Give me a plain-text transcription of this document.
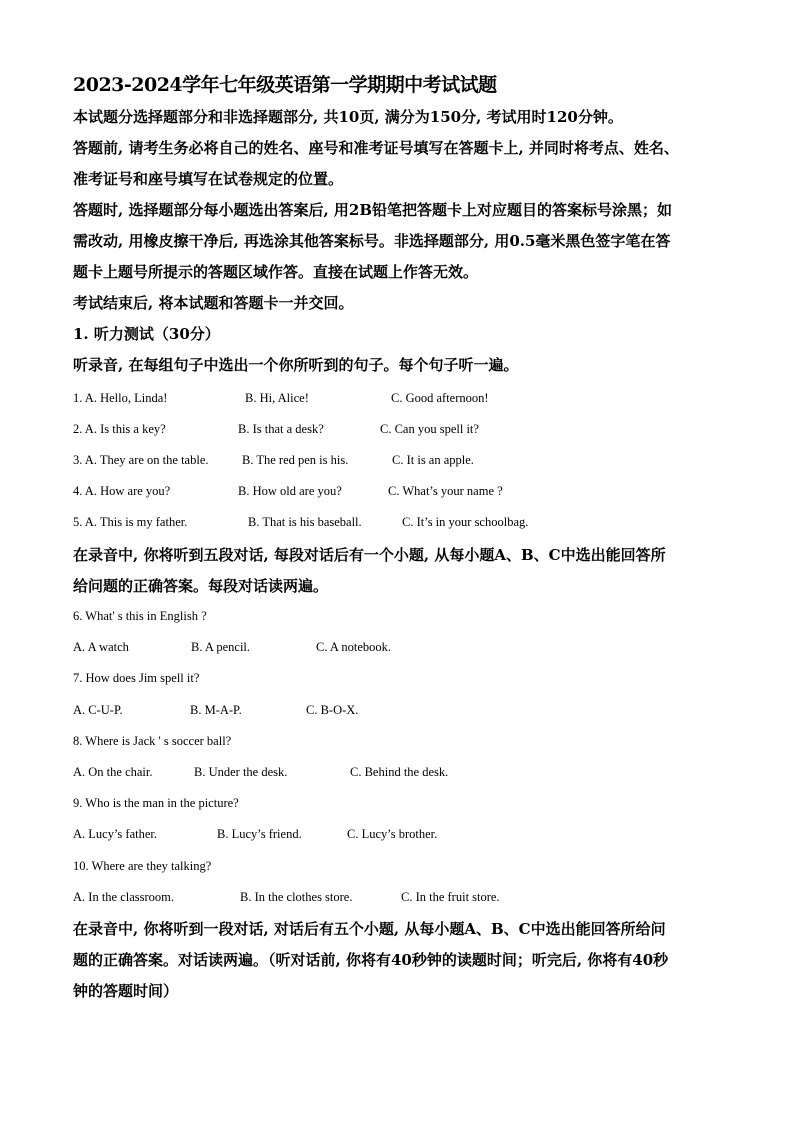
2023-2024学年七年级英语第一学期期中考试试题
本试题分选择题部分和非选择题部分, 共10页, 满分为150分, 考试用时120分钟。
答题前, 请考生务必将自己的姓名、座号和准考证号填写在答题卡上, 并同时将考点、姓名、
准考证号和座号填写在试卷规定的位置。
答题时, 选择题部分每小题选出答案后, 用2B铅笔把答题卡上对应题目的答案标号涂黑；如
需改动, 用橡皮擦干净后, 再选涂其他答案标号。非选择题部分, 用0.5毫米黑色签字笔在答
题卡上题号所提示的答题区域作答。直接在试题上作答无效。
考试结束后, 将本试题和答题卡一并交回。
1. 听力测试（30分）
听录音, 在每组句子中选出一个你所听到的句子。每个句子听一遍。
1. A. Hello, Linda!	B. Hi, Alice!	C. Good afternoon!
2. A. Is this a key?	B. Is that a desk?	C. Can you spell it?
3. A. They are on the table.	B. The red pen is his.	C. It is an apple.
4. A. How are you?	B. How old are you?	C. What’s your name ?
5. A. This is my father.	B. That is his baseball.	C. It’s in your schoolbag.
在录音中, 你将听到五段对话, 每段对话后有一个小题, 从每小题A、B、C中选出能回答所
给问题的正确答案。每段对话读两遍。
6. What' s this in English ?
A. A watch	B. A pencil.	C. A notebook.
7. How does Jim spell it?
A. C-U-P.	B. M-A-P.	C. B-O-X.
8. Where is Jack ' s soccer ball?
A. On the chair.	B. Under the desk.	C. Behind the desk.
9. Who is the man in the picture?
A. Lucy’s father.	B. Lucy’s friend.	C. Lucy’s brother.
10. Where are they talking?
A. In the classroom.	B. In the clothes store.	C. In the fruit store.
在录音中, 你将听到一段对话, 对话后有五个小题, 从每小题A、B、C中选出能回答所给问
题的正确答案。对话读两遍。（听对话前, 你将有40秒钟的读题时间；听完后, 你将有40秒
钟的答题时间）
